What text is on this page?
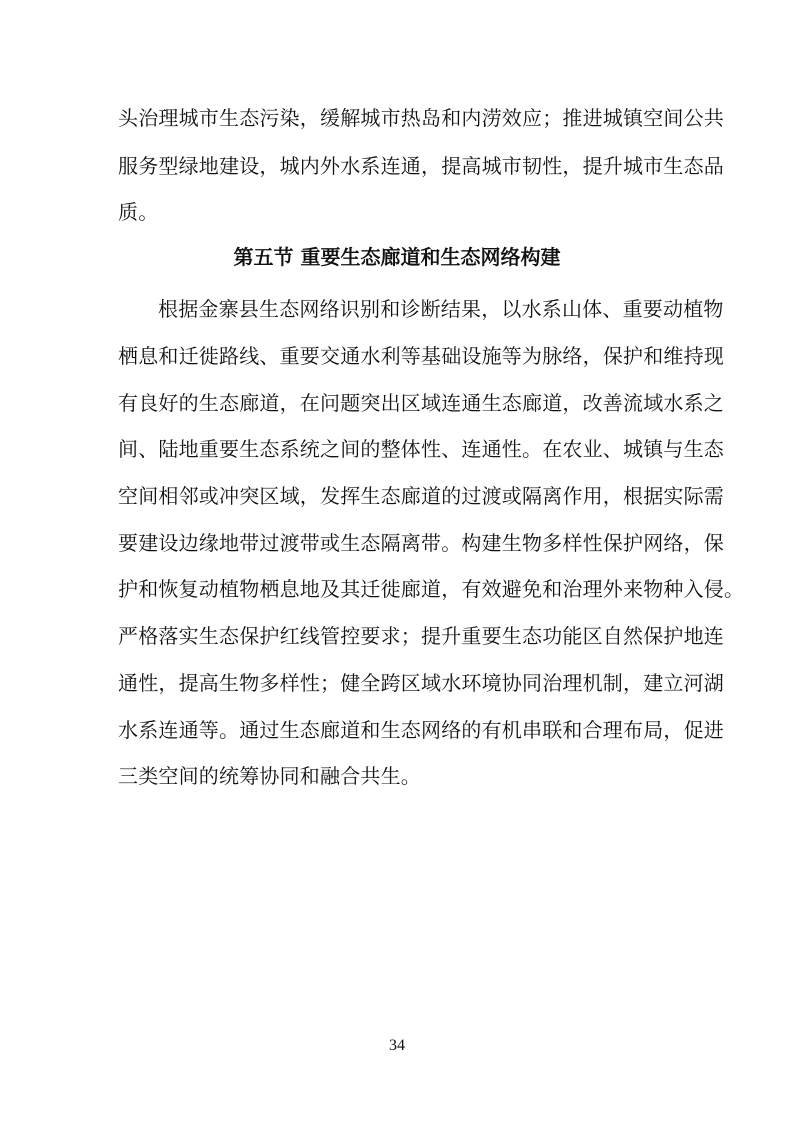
头治理城市生态污染，缓解城市热岛和内涝效应；推进城镇空间公共
服务型绿地建设，城内外水系连通，提高城市韧性，提升城市生态品
质。
第五节 重要生态廊道和生态网络构建
根据金寨县生态网络识别和诊断结果，以水系山体、重要动植物
栖息和迁徙路线、重要交通水利等基础设施等为脉络，保护和维持现
有良好的生态廊道，在问题突出区域连通生态廊道，改善流域水系之
间、陆地重要生态系统之间的整体性、连通性。在农业、城镇与生态
空间相邻或冲突区域，发挥生态廊道的过渡或隔离作用，根据实际需
要建设边缘地带过渡带或生态隔离带。构建生物多样性保护网络，保
护和恢复动植物栖息地及其迁徙廊道，有效避免和治理外来物种入侵。
严格落实生态保护红线管控要求；提升重要生态功能区自然保护地连
通性，提高生物多样性；健全跨区域水环境协同治理机制，建立河湖
水系连通等。通过生态廊道和生态网络的有机串联和合理布局，促进
三类空间的统筹协同和融合共生。
34
